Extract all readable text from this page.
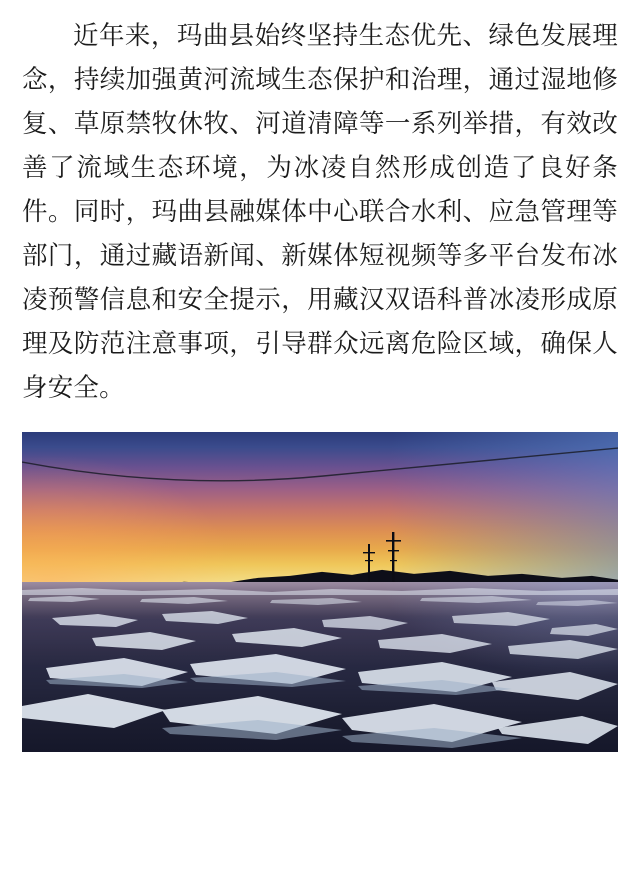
近年来，玛曲县始终坚持生态优先、绿色发展理念，持续加强黄河流域生态保护和治理，通过湿地修复、草原禁牧休牧、河道清障等一系列举措，有效改善了流域生态环境，为冰凌自然形成创造了良好条件。同时，玛曲县融媒体中心联合水利、应急管理等部门，通过藏语新闻、新媒体短视频等多平台发布冰凌预警信息和安全提示，用藏汉双语科普冰凌形成原理及防范注意事项，引导群众远离危险区域，确保人身安全。
